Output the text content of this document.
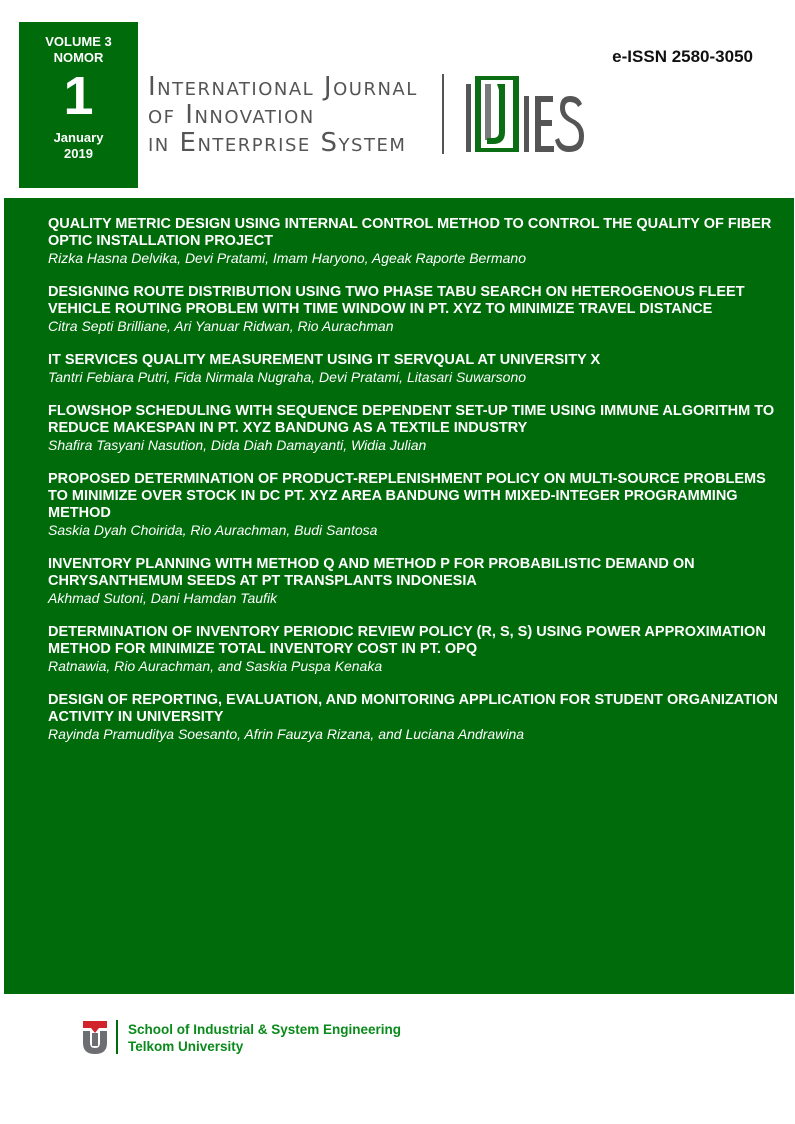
VOLUME 3
NOMOR
1
January
2019
e-ISSN 2580-3050
International Journal
of Innovation
in Enterprise System
QUALITY METRIC DESIGN USING INTERNAL CONTROL METHOD TO CONTROL THE QUALITY OF FIBER OPTIC INSTALLATION PROJECT
Rizka Hasna Delvika, Devi Pratami, Imam Haryono, Ageak Raporte Bermano
DESIGNING ROUTE DISTRIBUTION USING TWO PHASE TABU SEARCH ON HETEROGENOUS FLEET VEHICLE ROUTING PROBLEM WITH TIME WINDOW IN PT. XYZ TO MINIMIZE TRAVEL DISTANCE
Citra Septi Brilliane, Ari Yanuar Ridwan, Rio Aurachman
IT SERVICES QUALITY MEASUREMENT USING IT SERVQUAL AT UNIVERSITY X
Tantri Febiara Putri, Fida Nirmala Nugraha, Devi Pratami, Litasari Suwarsono
FLOWSHOP SCHEDULING WITH SEQUENCE DEPENDENT SET-UP TIME USING IMMUNE ALGORITHM TO REDUCE MAKESPAN IN PT. XYZ BANDUNG AS A TEXTILE INDUSTRY
Shafira Tasyani Nasution, Dida Diah Damayanti, Widia Julian
PROPOSED DETERMINATION OF PRODUCT-REPLENISHMENT POLICY ON MULTI-SOURCE PROBLEMS TO MINIMIZE OVER STOCK IN DC PT. XYZ AREA BANDUNG WITH MIXED-INTEGER PROGRAMMING METHOD
Saskia Dyah Choirida, Rio Aurachman, Budi Santosa
INVENTORY PLANNING WITH METHOD Q AND METHOD P FOR PROBABILISTIC DEMAND ON CHRYSANTHEMUM SEEDS AT PT TRANSPLANTS INDONESIA
Akhmad Sutoni, Dani Hamdan Taufik
DETERMINATION OF INVENTORY PERIODIC REVIEW POLICY (R, S, S) USING POWER APPROXIMATION METHOD FOR MINIMIZE TOTAL INVENTORY COST IN PT. OPQ
Ratnawia, Rio Aurachman, and Saskia Puspa Kenaka
DESIGN OF REPORTING, EVALUATION, AND MONITORING APPLICATION FOR STUDENT ORGANIZATION ACTIVITY IN UNIVERSITY
Rayinda Pramuditya Soesanto, Afrin Fauzya Rizana, and Luciana Andrawina
School of Industrial & System Engineering
Telkom University
